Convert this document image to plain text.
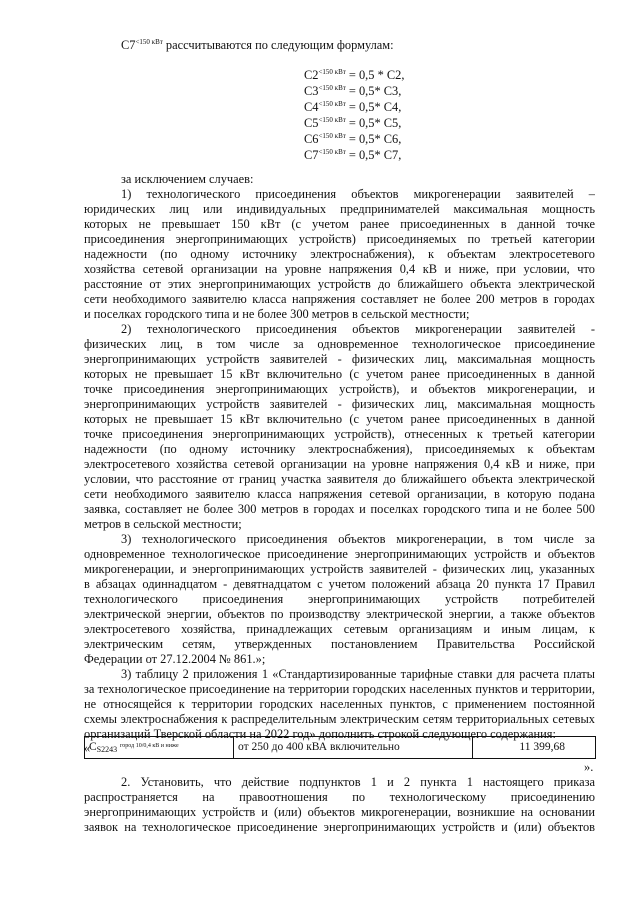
$C7^{<150 кВт}$ рассчитываются по следующим формулам:
$C2^{<150 кВт} = 0,5 * C2$,
$C3^{<150 кВт} = 0,5*$ C3,
$C4^{<150 кВт} = 0,5*$ C4,
$C5^{<150 кВт} = 0,5*$ C5,
$C6^{<150 кВт} = 0,5*$ C6,
$C7^{<150 кВт} = 0,5*$ C7,
за исключением случаев:
1) технологического присоединения объектов микрогенерации заявителей –
юридических лиц или индивидуальных предпринимателей максимальная мощность
которых не превышает 150 кВт (с учетом ранее присоединенных в данной точке
присоединения энергопринимающих устройств) присоединяемых по третьей категории
надежности (по одному источнику электроснабжения), к объектам электросетевого
хозяйства сетевой организации на уровне напряжения 0,4 кВ и ниже, при условии, что
расстояние от этих энергопринимающих устройств до ближайшего объекта электрической
сети необходимого заявителю класса напряжения составляет не более 200 метров в городах
и поселках городского типа и не более 300 метров в сельской местности;
2) технологического присоединения объектов микрогенерации заявителей -
физических лиц, в том числе за одновременное технологическое присоединение
энергопринимающих устройств заявителей - физических лиц, максимальная мощность
которых не превышает 15 кВт включительно (с учетом ранее присоединенных в данной
точке присоединения энергопринимающих устройств), и объектов микрогенерации, и
энергопринимающих устройств заявителей - физических лиц, максимальная мощность
которых не превышает 15 кВт включительно (с учетом ранее присоединенных в данной
точке присоединения энергопринимающих устройств), отнесенных к третьей категории
надежности (по одному источнику электроснабжения), присоединяемых к объектам
электросетевого хозяйства сетевой организации на уровне напряжения 0,4 кВ и ниже, при
условии, что расстояние от границ участка заявителя до ближайшего объекта электрической
сети необходимого заявителю класса напряжения сетевой организации, в которую подана
заявка, составляет не более 300 метров в городах и поселках городского типа и не более 500
метров в сельской местности;
3) технологического присоединения объектов микрогенерации, в том числе за
одновременное технологическое присоединение энергопринимающих устройств и объектов
микрогенерации, и энергопринимающих устройств заявителей - физических лиц, указанных
в абзацах одиннадцатом - девятнадцатом с учетом положений абзаца 20 пункта 17 Правил
технологического присоединения энергопринимающих устройств потребителей
электрической энергии, объектов по производству электрической энергии, а также объектов
электросетевого хозяйства, принадлежащих сетевым организациям и иным лицам, к
электрическим сетям, утвержденных постановлением Правительства Российской
Федерации от 27.12.2004 № 861.»;
3) таблицу 2 приложения 1 «Стандартизированные тарифные ставки для расчета платы
за технологическое присоединение на территории городских населенных пунктов и территории,
не относящейся к территории городских населенных пунктов, с применением постоянной
схемы электроснабжения к распределительным электрическим сетям территориальных сетевых
организаций Тверской области на 2022 год» дополнить строкой следующего содержания:
«
$C_{S2243}$ $^{город 10/0,4 кВ и ниже}$	от 250 до 400 кВА включительно	11 399,68
».
2. Установить, что действие подпунктов 1 и 2 пункта 1 настоящего приказа
распространяется на правоотношения по технологическому присоединению
энергопринимающих устройств и (или) объектов микрогенерации, возникшие на основании
заявок на технологическое присоединение энергопринимающих устройств и (или) объектов
